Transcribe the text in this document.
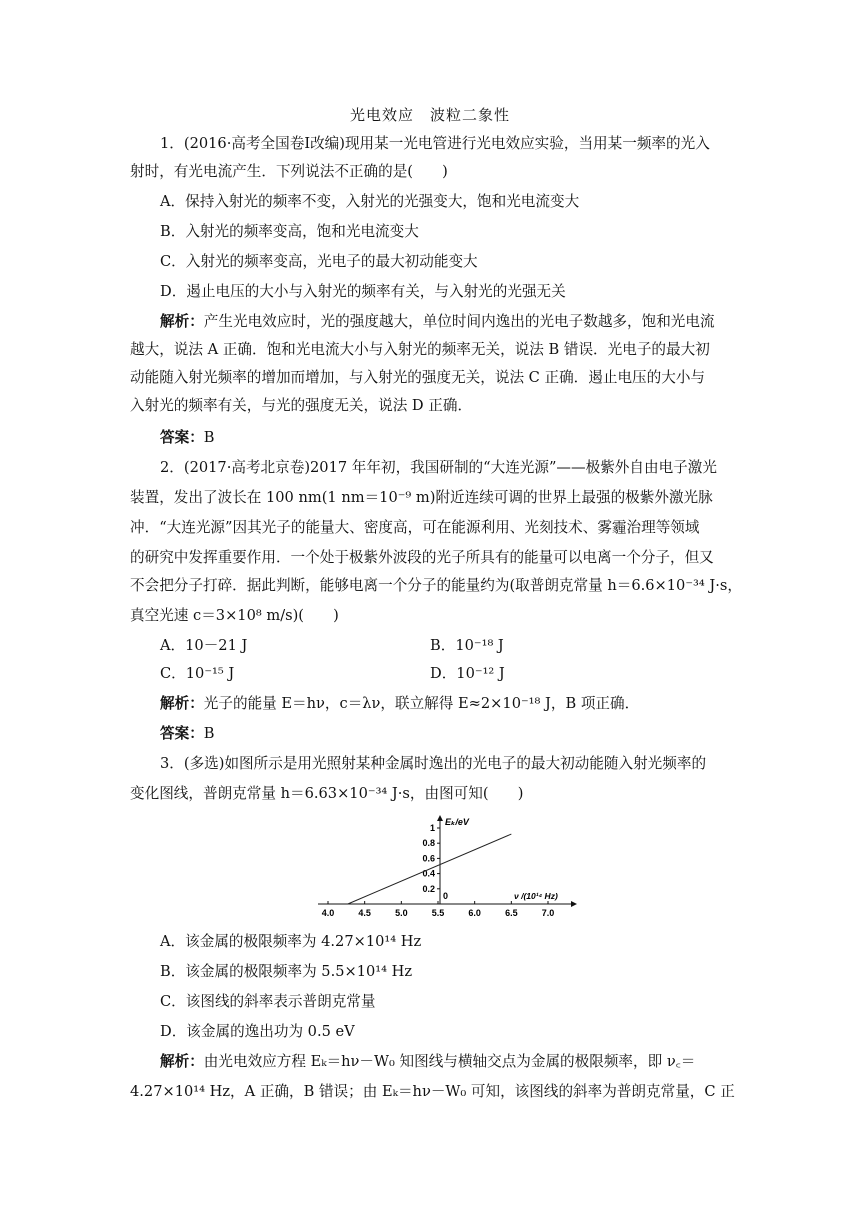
光电效应　波粒二象性
1．(2016·高考全国卷Ⅰ改编)现用某一光电管进行光电效应实验，当用某一频率的光入
射时，有光电流产生．下列说法不正确的是(　　)
A．保持入射光的频率不变，入射光的光强变大，饱和光电流变大
B．入射光的频率变高，饱和光电流变大
C．入射光的频率变高，光电子的最大初动能变大
D．遏止电压的大小与入射光的频率有关，与入射光的光强无关
解析：产生光电效应时，光的强度越大，单位时间内逸出的光电子数越多，饱和光电流
越大，说法 A 正确．饱和光电流大小与入射光的频率无关，说法 B 错误．光电子的最大初
动能随入射光频率的增加而增加，与入射光的强度无关，说法 C 正确．遏止电压的大小与
入射光的频率有关，与光的强度无关，说法 D 正确．
答案：B
2．(2017·高考北京卷)2017 年年初，我国研制的“大连光源”——极紫外自由电子激光
装置，发出了波长在 100 nm(1 nm＝10⁻⁹ m)附近连续可调的世界上最强的极紫外激光脉
冲．“大连光源”因其光子的能量大、密度高，可在能源利用、光刻技术、雾霾治理等领域
的研究中发挥重要作用．一个处于极紫外波段的光子所具有的能量可以电离一个分子，但又
不会把分子打碎．据此判断，能够电离一个分子的能量约为(取普朗克常量 h＝6.6×10⁻³⁴ J·s，
真空光速 c＝3×10⁸ m/s)(　　)
A．10－21 J	B．10⁻¹⁸ J
C．10⁻¹⁵ J	D．10⁻¹² J
解析：光子的能量 E＝hν，c＝λν，联立解得 E≈2×10⁻¹⁸ J，B 项正确．
答案：B
3．(多选)如图所示是用光照射某种金属时逸出的光电子的最大初动能随入射光频率的
变化图线，普朗克常量 h＝6.63×10⁻³⁴ J·s，由图可知(　　)
4.0	4.5	5.0	5.5	6.0	6.5	7.0
0.2
0.4
0.6
0.8
1
Eₖ/eV
ν /(10¹⁴ Hz)
0
A．该金属的极限频率为 4.27×10¹⁴ Hz
B．该金属的极限频率为 5.5×10¹⁴ Hz
C．该图线的斜率表示普朗克常量
D．该金属的逸出功为 0.5 eV
解析：由光电效应方程 Eₖ＝hν－W₀ 知图线与横轴交点为金属的极限频率，即 ν꜀＝
4.27×10¹⁴ Hz，A 正确，B 错误；由 Eₖ＝hν－W₀ 可知，该图线的斜率为普朗克常量，C 正
